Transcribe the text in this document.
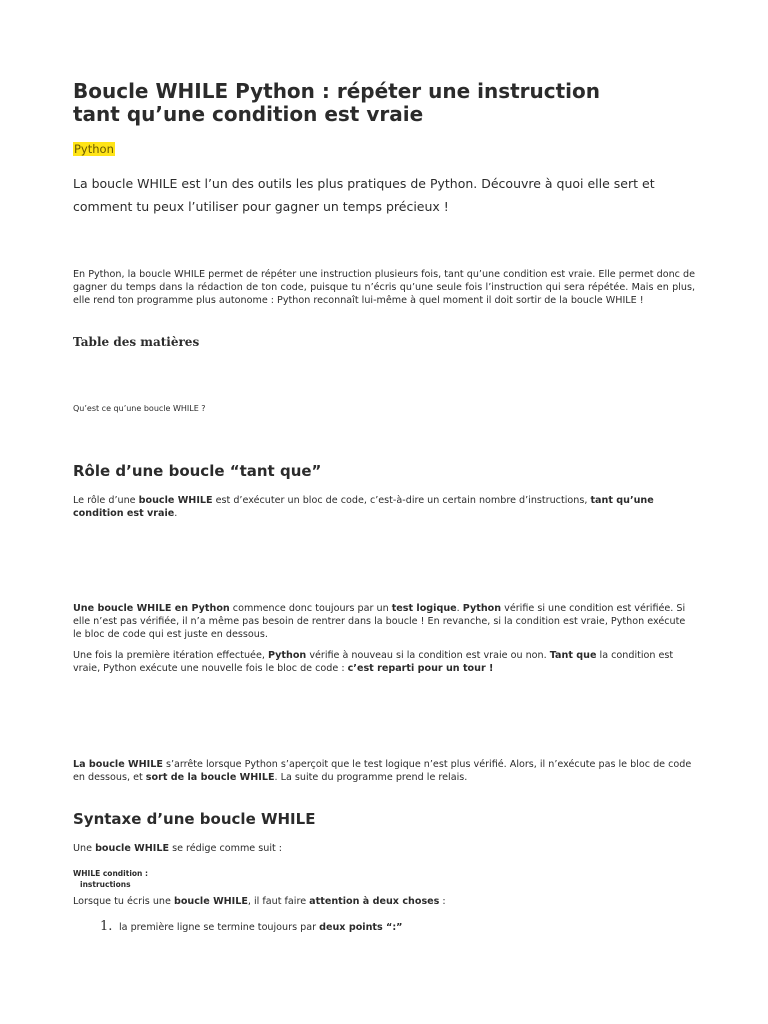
Boucle WHILE Python : répéter une instruction
tant qu’une condition est vraie
Python

La boucle WHILE est l’un des outils les plus pratiques de Python. Découvre à quoi elle sert et comment tu peux l’utiliser pour gagner un temps précieux !

En Python, la boucle WHILE permet de répéter une instruction plusieurs fois, tant qu’une condition est vraie. Elle permet donc de gagner du temps dans la rédaction de ton code, puisque tu n’écris qu’une seule fois l’instruction qui sera répétée. Mais en plus, elle rend ton programme plus autonome : Python reconnaît lui-même à quel moment il doit sortir de la boucle WHILE !

Table des matières
Qu’est ce qu’une boucle WHILE ?
Rôle d’une boucle “tant que”

Le rôle d’une boucle WHILE est d’exécuter un bloc de code, c’est-à-dire un certain nombre d’instructions, tant qu’une condition est vraie.

Une boucle WHILE en Python commence donc toujours par un test logique. Python vérifie si une condition est vérifiée. Si elle n’est pas vérifiée, il n’a même pas besoin de rentrer dans la boucle ! En revanche, si la condition est vraie, Python exécute le bloc de code qui est juste en dessous.

Une fois la première itération effectuée, Python vérifie à nouveau si la condition est vraie ou non. Tant que la condition est vraie, Python exécute une nouvelle fois le bloc de code : c’est reparti pour un tour !

La boucle WHILE s’arrête lorsque Python s’aperçoit que le test logique n’est plus vérifié. Alors, il n’exécute pas le bloc de code en dessous, et sort de la boucle WHILE. La suite du programme prend le relais.

Syntaxe d’une boucle WHILE

Une boucle WHILE se rédige comme suit :

WHILE condition :
instructions

Lorsque tu écris une boucle WHILE, il faut faire attention à deux choses :

1. la première ligne se termine toujours par deux points “:”
